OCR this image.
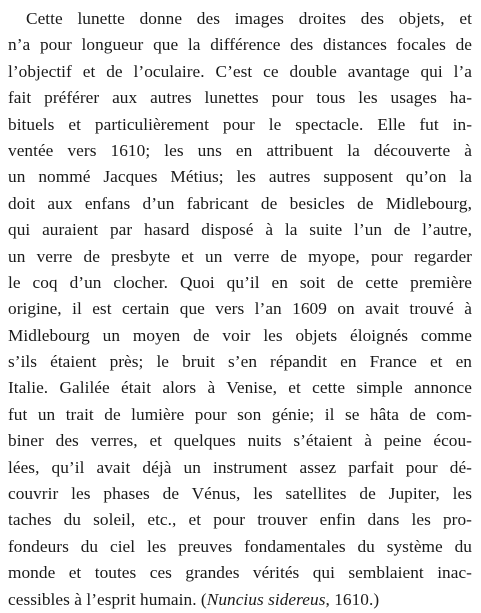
Cette lunette donne des images droites des objets, et
n’a pour longueur que la différence des distances focales de
l’objectif et de l’oculaire. C’est ce double avantage qui l’a
fait préférer aux autres lunettes pour tous les usages ha-
bituels et particulièrement pour le spectacle. Elle fut in-
ventée vers 1610; les uns en attribuent la découverte à
un nommé Jacques Métius; les autres supposent qu’on la
doit aux enfans d’un fabricant de besicles de Midlebourg,
qui auraient par hasard disposé à la suite l’un de l’autre,
un verre de presbyte et un verre de myope, pour regarder
le coq d’un clocher. Quoi qu’il en soit de cette première
origine, il est certain que vers l’an 1609 on avait trouvé à
Midlebourg un moyen de voir les objets éloignés comme
s’ils étaient près; le bruit s’en répandit en France et en
Italie. Galilée était alors à Venise, et cette simple annonce
fut un trait de lumière pour son génie; il se hâta de com-
biner des verres, et quelques nuits s’étaient à peine écou-
lées, qu’il avait déjà un instrument assez parfait pour dé-
couvrir les phases de Vénus, les satellites de Jupiter, les
taches du soleil, etc., et pour trouver enfin dans les pro-
fondeurs du ciel les preuves fondamentales du système du
monde et toutes ces grandes vérités qui semblaient inac-
cessibles à l’esprit humain. (Nuncius sidereus, 1610.)
